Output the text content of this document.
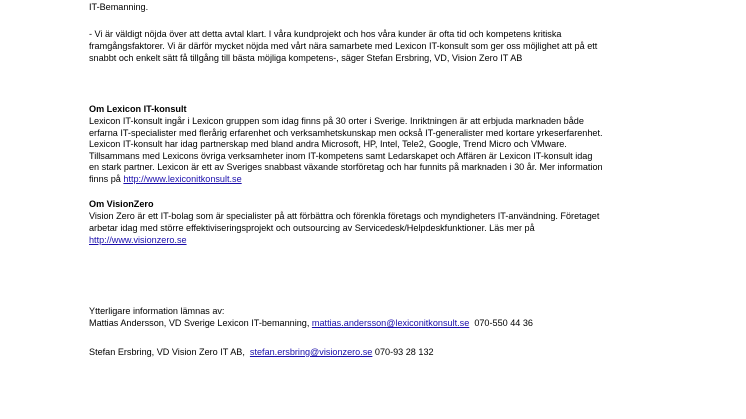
IT-Bemanning.
- Vi är väldigt nöjda över att detta avtal klart. I våra kundprojekt och hos våra kunder är ofta tid och kompetens kritiska
framgångsfaktorer. Vi är därför mycket nöjda med vårt nära samarbete med Lexicon IT-konsult som ger oss möjlighet att på ett
snabbt och enkelt sätt få tillgång till bästa möjliga kompetens-, säger Stefan Ersbring, VD, Vision Zero IT AB
Om Lexicon IT-konsult
Lexicon IT-konsult ingår i Lexicon gruppen som idag finns på 30 orter i Sverige. Inriktningen är att erbjuda marknaden både
erfarna IT-specialister med flerårig erfarenhet och verksamhetskunskap men också IT-generalister med kortare yrkeserfarenhet.
Lexicon IT-konsult har idag partnerskap med bland andra Microsoft, HP, Intel, Tele2, Google, Trend Micro och VMware.
Tillsammans med Lexicons övriga verksamheter inom IT-kompetens samt Ledarskapet och Affären är Lexicon IT-konsult idag
en stark partner. Lexicon är ett av Sveriges snabbast växande storföretag och har funnits på marknaden i 30 år. Mer information
finns på http://www.lexiconitkonsult.se
Om VisionZero
Vision Zero är ett IT-bolag som är specialister på att förbättra och förenkla företags och myndigheters IT-användning. Företaget
arbetar idag med större effektiviseringsprojekt och outsourcing av Servicedesk/Helpdeskfunktioner. Läs mer på
http://www.visionzero.se
Ytterligare information lämnas av:
Mattias Andersson, VD Sverige Lexicon IT-bemanning, mattias.andersson@lexiconitkonsult.se  070-550 44 36
Stefan Ersbring, VD Vision Zero IT AB,  stefan.ersbring@visionzero.se 070-93 28 132
